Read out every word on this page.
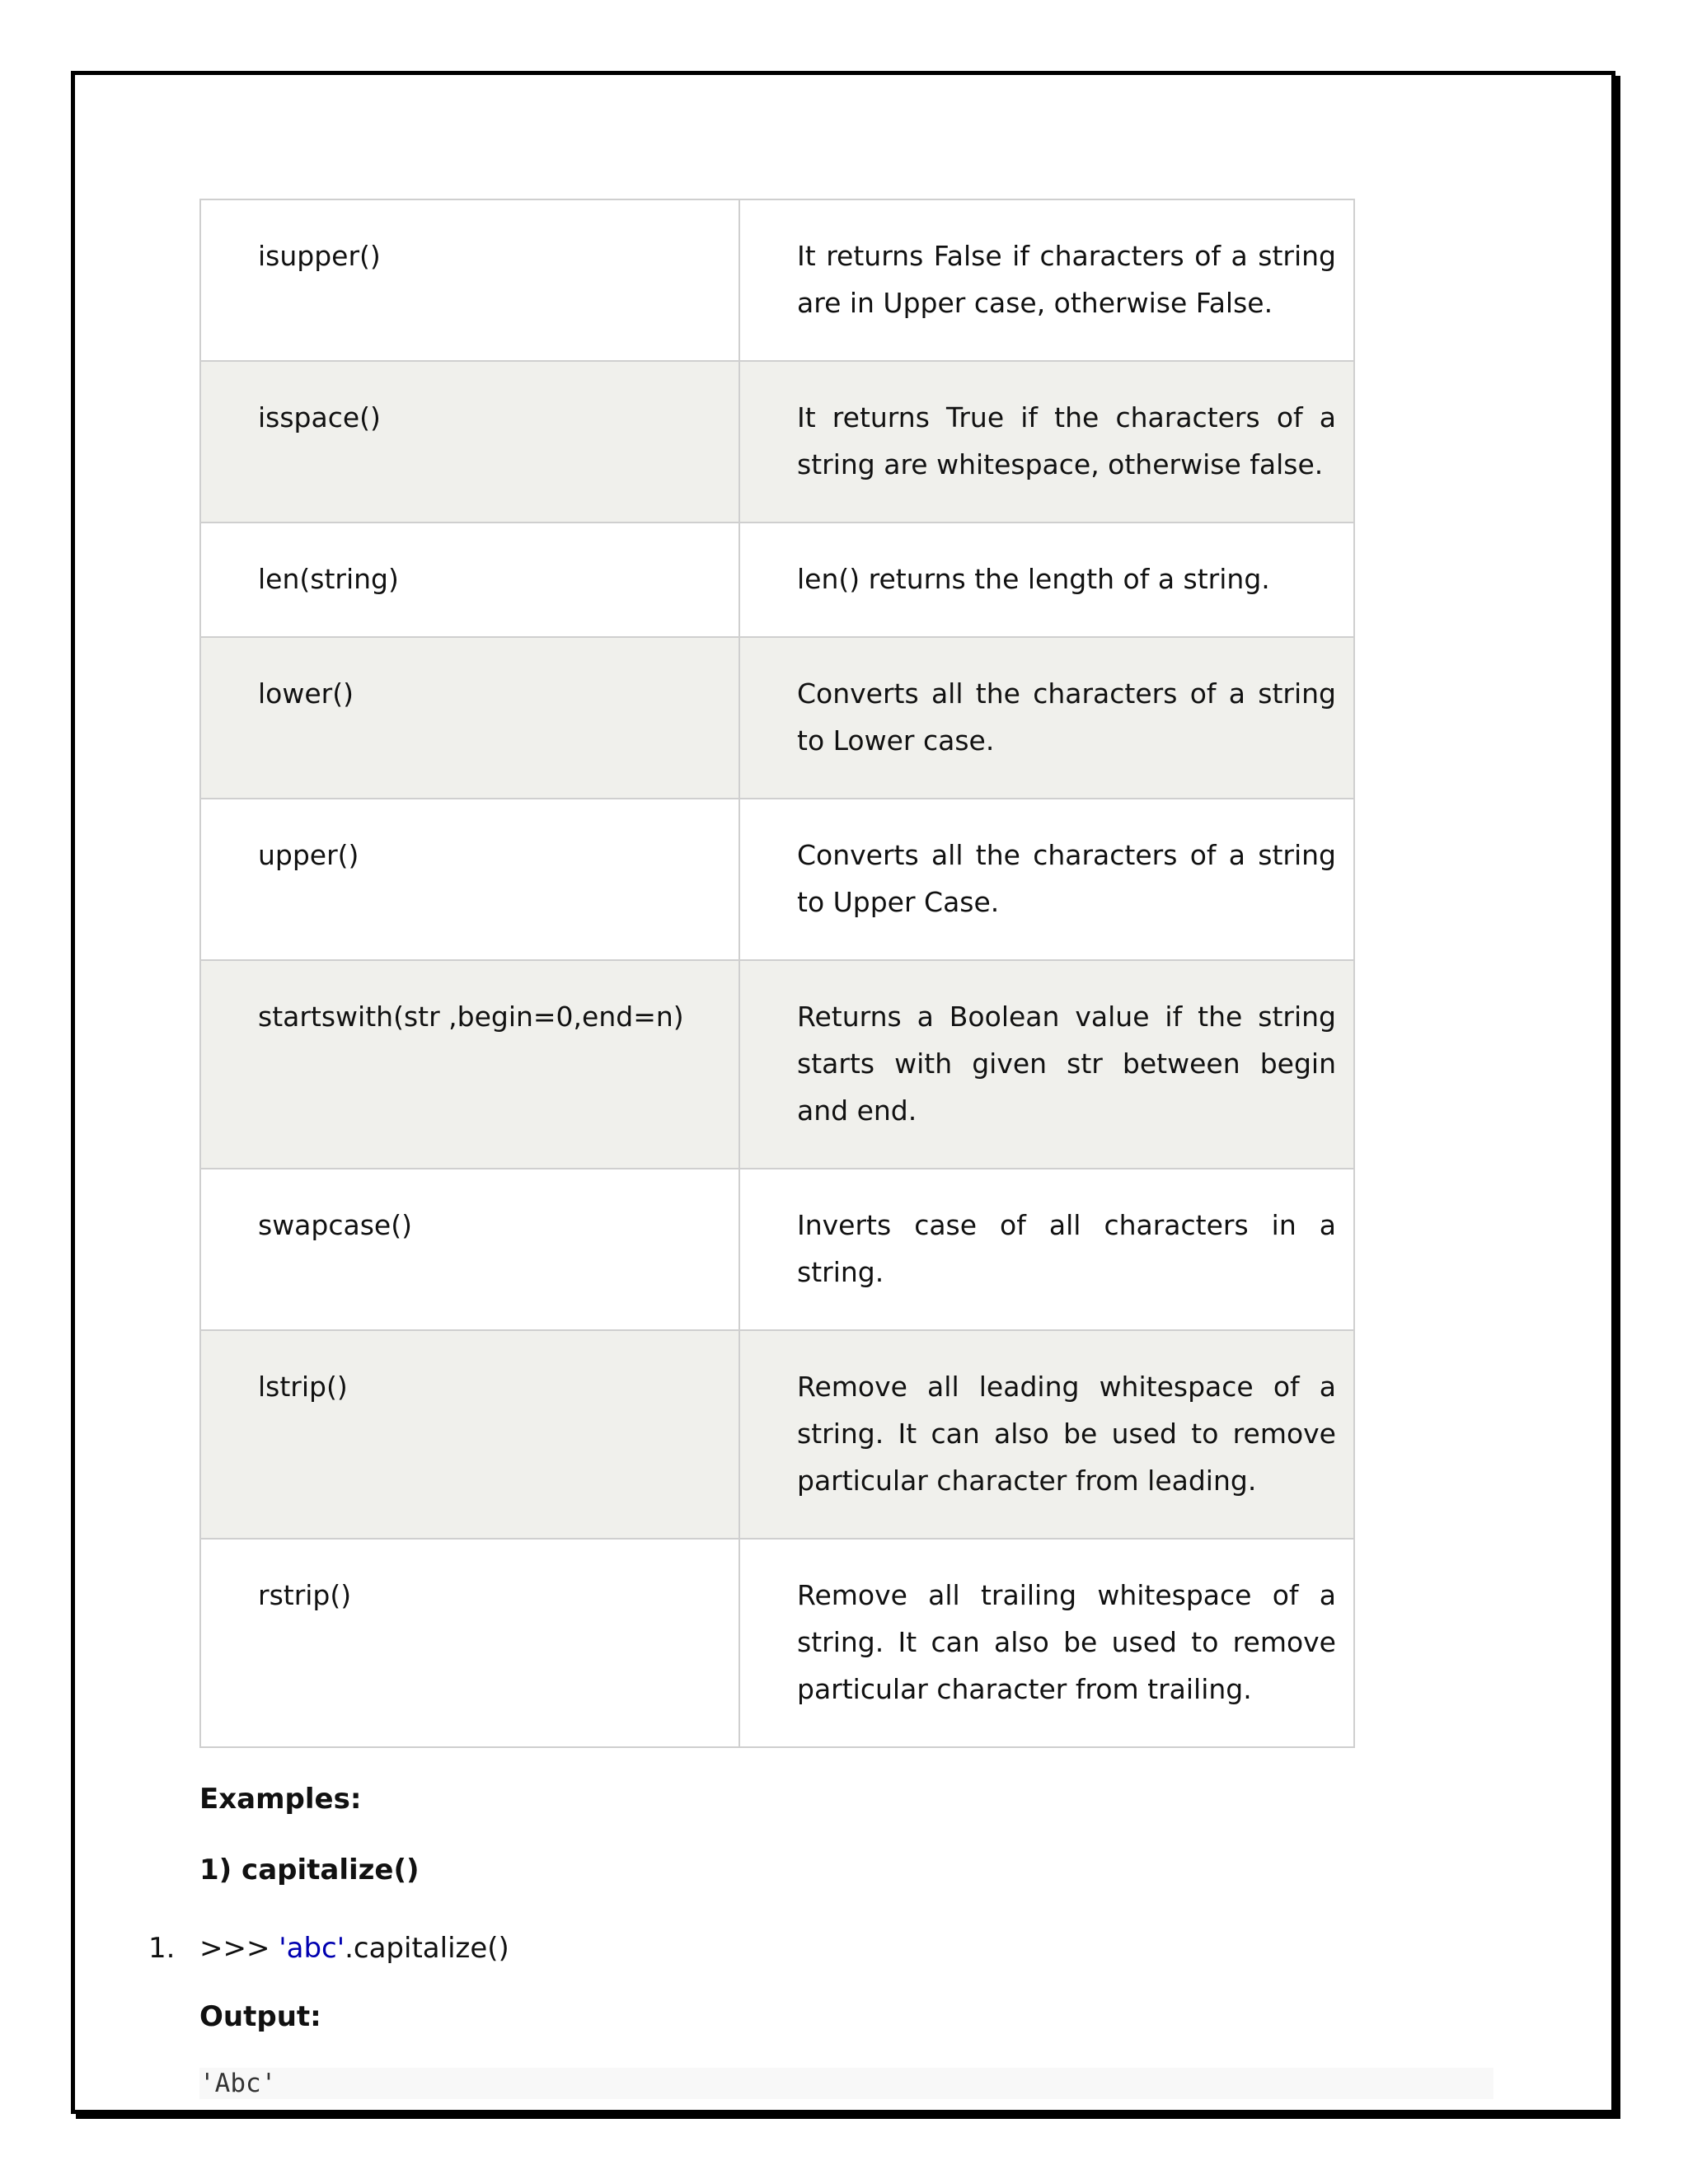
isupper()	It returns False if characters of a string are in Upper case, otherwise False.
isspace()	It returns True if the characters of a string are whitespace, otherwise false.
len(string)	len() returns the length of a string.
lower()	Converts all the characters of a string to Lower case.
upper()	Converts all the characters of a string to Upper Case.
startswith(str ,begin=0,end=n)	Returns a Boolean value if the string starts with given str between begin and end.
swapcase()	Inverts case of all characters in a string.
lstrip()	Remove all leading whitespace of a string. It can also be used to remove particular character from leading.
rstrip()	Remove all trailing whitespace of a string. It can also be used to remove particular character from trailing.

Examples:

1) capitalize()

1. >>> 'abc'.capitalize()

Output:

'Abc'
